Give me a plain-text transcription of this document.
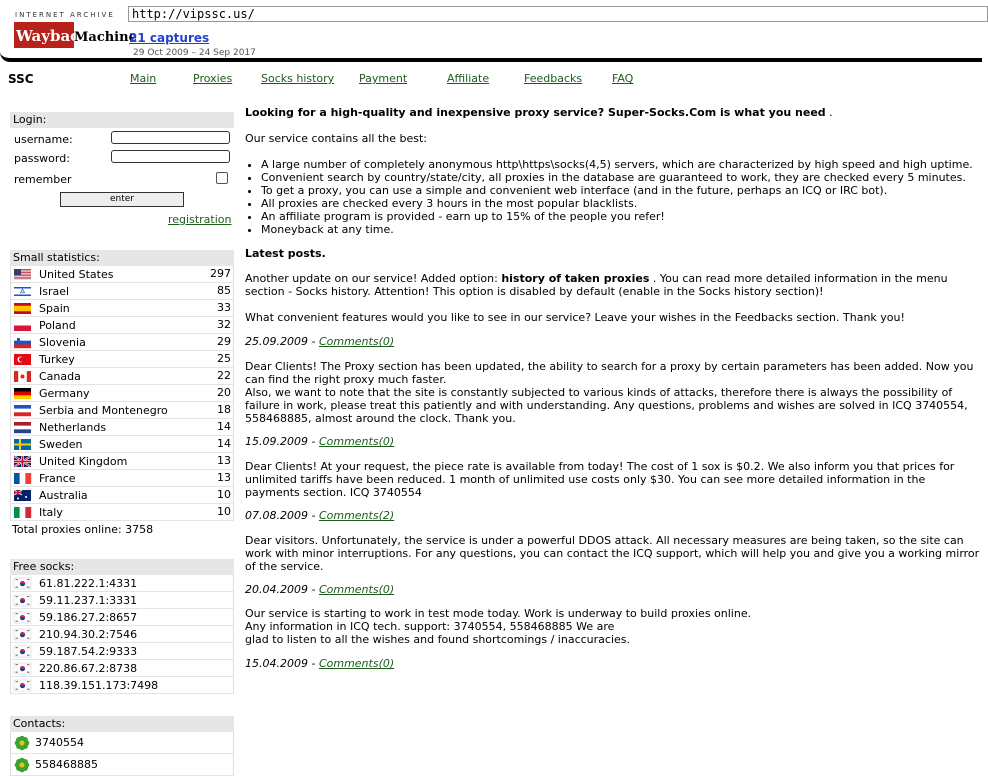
INTERNET ARCHIVE
Wayback
Machine
http://vipssc.us/
21 captures
29 Oct 2009 – 24 Sep 2017
SSC	Main	Proxies	Socks history Payment	Affiliate	Feedbacks	FAQ
Login:
username:
password:
remember
enter
registration
Small statistics:
United States	297
Israel	85
Spain	33
Poland	32
Slovenia	29
Turkey	25
Canada	22
Germany	20
Serbia and Montenegro	18
Netherlands	14
Sweden	14
United Kingdom	13
France	13
Australia	10
Italy	10
Total proxies online: 3758
Free socks:
61.81.222.1:4331
59.11.237.1:3331
59.186.27.2:8657
210.94.30.2:7546
59.187.54.2:9333
220.86.67.2:8738
118.39.151.173:7498
Contacts:
3740554
558468885

Looking for a high-quality and inexpensive proxy service? Super-Socks.Com is what you need .

Our service contains all the best:

• A large number of completely anonymous http\https\socks(4,5) servers, which are characterized by high speed and high uptime.
• Convenient search by country/state/city, all proxies in the database are guaranteed to work, they are checked every 5 minutes.
• To get a proxy, you can use a simple and convenient web interface (and in the future, perhaps an ICQ or IRC bot).
• All proxies are checked every 3 hours in the most popular blacklists.
• An affiliate program is provided - earn up to 15% of the people you refer!
• Moneyback at any time.

Latest posts.

Another update on our service! Added option: history of taken proxies . You can read more detailed information in the menu section - Socks history. Attention! This option is disabled by default (enable in the Socks history section)!

What convenient features would you like to see in our service? Leave your wishes in the Feedbacks section. Thank you!

25.09.2009 - Comments(0)

Dear Clients! The Proxy section has been updated, the ability to search for a proxy by certain parameters has been added. Now you can find the right proxy much faster.

Also, we want to note that the site is constantly subjected to various kinds of attacks, therefore there is always the possibility of failure in work, please treat this patiently and with understanding. Any questions, problems and wishes are solved in ICQ 3740554, 558468885, almost around the clock. Thank you.

15.09.2009 - Comments(0)

Dear Clients! At your request, the piece rate is available from today! The cost of 1 sox is $0.2. We also inform you that prices for unlimited tariffs have been reduced. 1 month of unlimited use costs only $30. You can see more detailed information in the payments section. ICQ 3740554

07.08.2009 - Comments(2)

Dear visitors. Unfortunately, the service is under a powerful DDOS attack. All necessary measures are being taken, so the site can work with minor interruptions. For any questions, you can contact the ICQ support, which will help you and give you a working mirror of the service.

20.04.2009 - Comments(0)

Our service is starting to work in test mode today. Work is underway to build proxies online.

Any information in ICQ tech. support: 3740554, 558468885 We are

glad to listen to all the wishes and found shortcomings / inaccuracies.

15.04.2009 - Comments(0)
